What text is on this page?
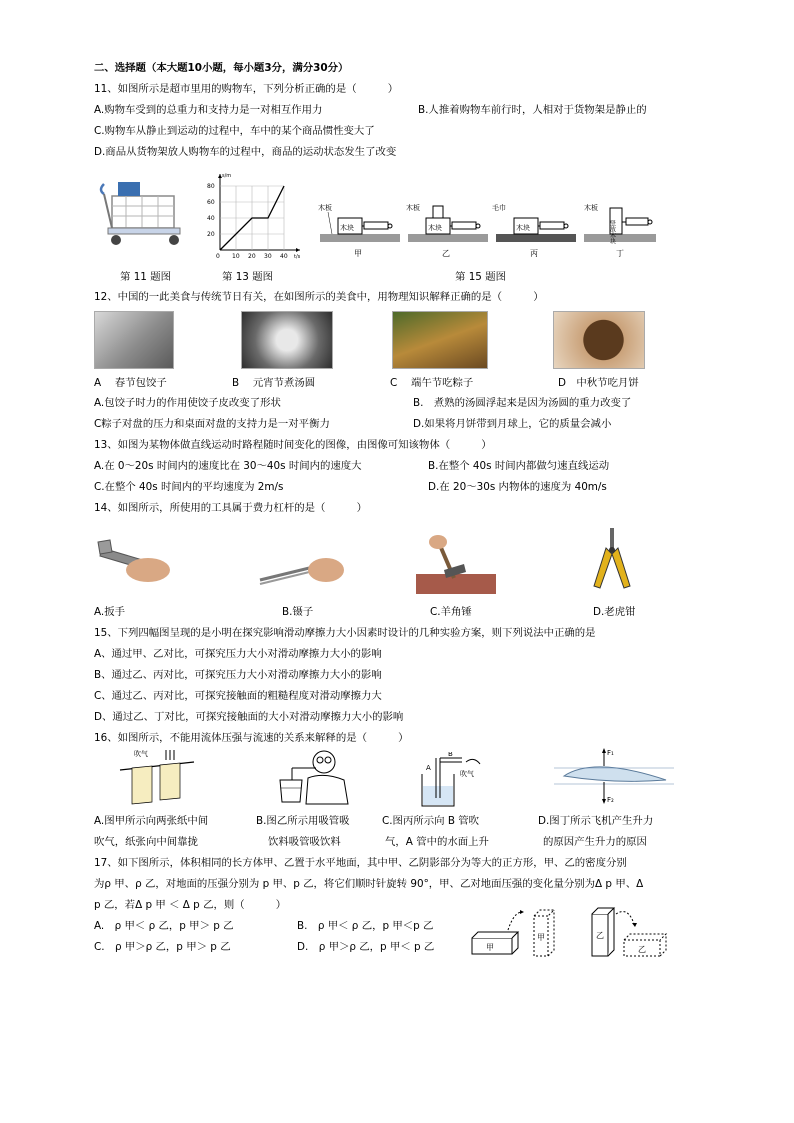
二、选择题（本大题10小题，每小题3分，满分30分）
11、如图所示是超市里用的购物车，下列分析正确的是（　　　）
A.购物车受到的总重力和支持力是一对相互作用力	B.人推着购物车前行时，人相对于货物架是静止的
C.购物车从静止到运动的过程中，车中的某个商品惯性变大了
D.商品从货物架放人购物车的过程中，商品的运动状态发生了改变
20
40
60
80
s/m
0 10 20 30 40 t/s
木块
木板
甲
木块
木板
乙
木块
毛巾
丙
竖放木块
木板
丁
第 11 题图	第 13 题图	第 15 题图
12、中国的一此美食与传统节日有关，在如图所示的美食中，用物理知识解释正确的是（　　　）
A　 春节包饺子	B　 元宵节煮汤圆	C　 端午节吃粽子	D　中秋节吃月饼
A.包饺子时力的作用使饺子皮改变了形状	B.　煮熟的汤圆浮起来是因为汤圆的重力改变了
C粽子对盘的压力和桌面对盘的支持力是一对平衡力	D.如果将月饼带到月球上，它的质量会减小
13、如图为某物体做直线运动时路程随时间变化的图像，由图像可知该物体（　　　）
A.在 0～20s 时间内的速度比在 30～40s 时间内的速度大	B.在整个 40s 时间内都做匀速直线运动
C.在整个 40s 时间内的平均速度为 2m/s	D.在 20～30s 内物体的速度为 40m/s
14、如图所示，所使用的工具属于费力杠杆的是（　　　）
A.扳手	B.镊子	C.羊角锤	D.老虎钳
15、下列四幅图呈现的是小明在探究影响滑动摩擦力大小因素时设计的几种实验方案，则下列说法中正确的是
A、通过甲、乙对比，可探究压力大小对滑动摩擦力大小的影响
B、通过乙、丙对比，可探究压力大小对滑动摩擦力大小的影响
C、通过乙、丙对比，可探究接触面的粗糙程度对滑动摩擦力大
D、通过乙、丁对比，可探究接触面的大小对滑动摩擦力大小的影响
16、如图所示，不能用流体压强与流速的关系来解释的是（　　　）
吹气
A
B
吹气
F₁
F₂
A.图甲所示向两张纸中间
吹气，纸张向中间靠拢
B.图乙所示用吸管吸
饮料吸管吸饮料
C.图丙所示向 B 管吹
气，A 管中的水面上升
D.图丁所示飞机产生升力
的原因产生升力的原因
17、如下图所示，体积相同的长方体甲、乙置于水平地面，其中甲、乙阴影部分为等大的正方形，甲、乙的密度分别
为ρ 甲、ρ 乙，对地面的压强分别为 p 甲、p 乙，将它们顺时针旋转 90°，甲、乙对地面压强的变化量分别为Δ p 甲、Δ
p 乙，若Δ p 甲 ＜ Δ p 乙，则（　　　）
A.　ρ 甲＜ ρ 乙，p 甲＞ p 乙	B.　ρ 甲＜ ρ 乙，p 甲＜p 乙
C.　ρ 甲＞ρ 乙，p 甲＞ p 乙	D.　ρ 甲＞ρ 乙，p 甲＜ p 乙	甲
甲	乙
乙
